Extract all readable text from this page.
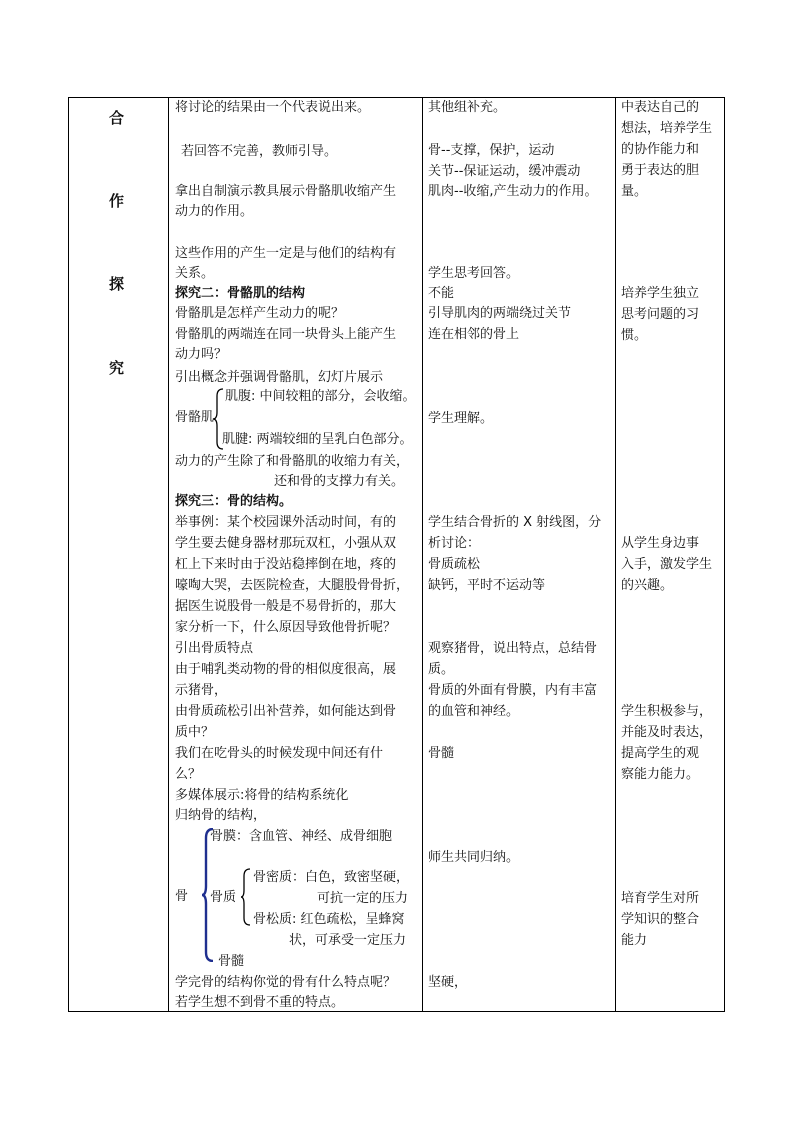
合
作
探
究
将讨论的结果由一个代表说出来。
若回答不完善，教师引导。
拿出自制演示教具展示骨骼肌收缩产生
动力的作用。
这些作用的产生一定是与他们的结构有
关系。
探究二：骨骼肌的结构
骨骼肌是怎样产生动力的呢？
骨骼肌的两端连在同一块骨头上能产生
动力吗？
引出概念并强调骨骼肌，幻灯片展示
骨骼肌
肌腹: 中间较粗的部分，会收缩。
肌腱: 两端较细的呈乳白色部分。
动力的产生除了和骨骼肌的收缩力有关，
还和骨的支撑力有关。
探究三：骨的结构。
举事例：某个校园课外活动时间，有的
学生要去健身器材那玩双杠，小强从双
杠上下来时由于没站稳摔倒在地，疼的
嚎啕大哭，去医院检查，大腿股骨骨折，
据医生说股骨一般是不易骨折的，那大
家分析一下，什么原因导致他骨折呢？
引出骨质特点
由于哺乳类动物的骨的相似度很高，展
示猪骨，
由骨质疏松引出补营养，如何能达到骨
质中？
我们在吃骨头的时候发现中间还有什
么？
多媒体展示:将骨的结构系统化
归纳骨的结构，
骨
骨膜：含血管、神经、成骨细胞
骨质
骨密质：白色，致密坚硬，
可抗一定的压力
骨松质: 红色疏松，呈蜂窝
状，可承受一定压力
骨髓
学完骨的结构你觉的骨有什么特点呢？
若学生想不到骨不重的特点。
其他组补充。
骨--支撑，保护，运动
关节--保证运动，缓冲震动
肌肉--收缩,产生动力的作用。
学生思考回答。
不能
引导肌肉的两端绕过关节
连在相邻的骨上
学生理解。
学生结合骨折的 X 射线图，分
析讨论：
骨质疏松
缺钙，平时不运动等
观察猪骨，说出特点，总结骨
质。
骨质的外面有骨膜，内有丰富
的血管和神经。
骨髓
师生共同归纳。
坚硬，
中表达自己的
想法，培养学生
的协作能力和
勇于表达的胆
量。
培养学生独立
思考问题的习
惯。
从学生身边事
入手，激发学生
的兴趣。
学生积极参与，
并能及时表达，
提高学生的观
察能力能力。
培育学生对所
学知识的整合
能力
